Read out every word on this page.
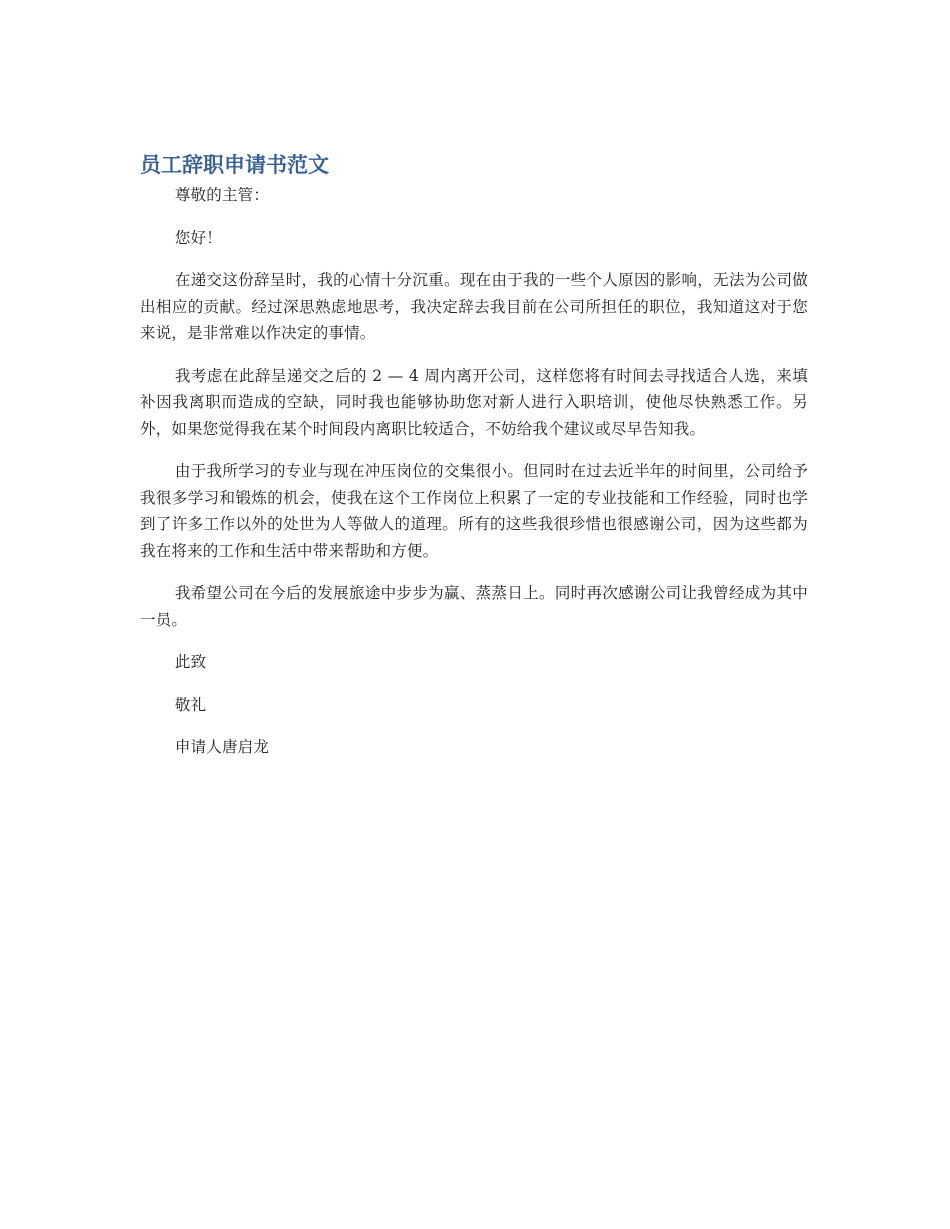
员工辞职申请书范文

尊敬的主管：

您好！

在递交这份辞呈时，我的心情十分沉重。现在由于我的一些个人原因的影响，无法为公司做出相应的贡献。经过深思熟虑地思考，我决定辞去我目前在公司所担任的职位，我知道这对于您来说，是非常难以作决定的事情。

我考虑在此辞呈递交之后的 2 — 4 周内离开公司，这样您将有时间去寻找适合人选，来填补因我离职而造成的空缺，同时我也能够协助您对新人进行入职培训，使他尽快熟悉工作。另外，如果您觉得我在某个时间段内离职比较适合，不妨给我个建议或尽早告知我。

由于我所学习的专业与现在冲压岗位的交集很小。但同时在过去近半年的时间里，公司给予我很多学习和锻炼的机会，使我在这个工作岗位上积累了一定的专业技能和工作经验，同时也学到了许多工作以外的处世为人等做人的道理。所有的这些我很珍惜也很感谢公司，因为这些都为我在将来的工作和生活中带来帮助和方便。

我希望公司在今后的发展旅途中步步为赢、蒸蒸日上。同时再次感谢公司让我曾经成为其中一员。

此致

敬礼

申请人唐启龙
